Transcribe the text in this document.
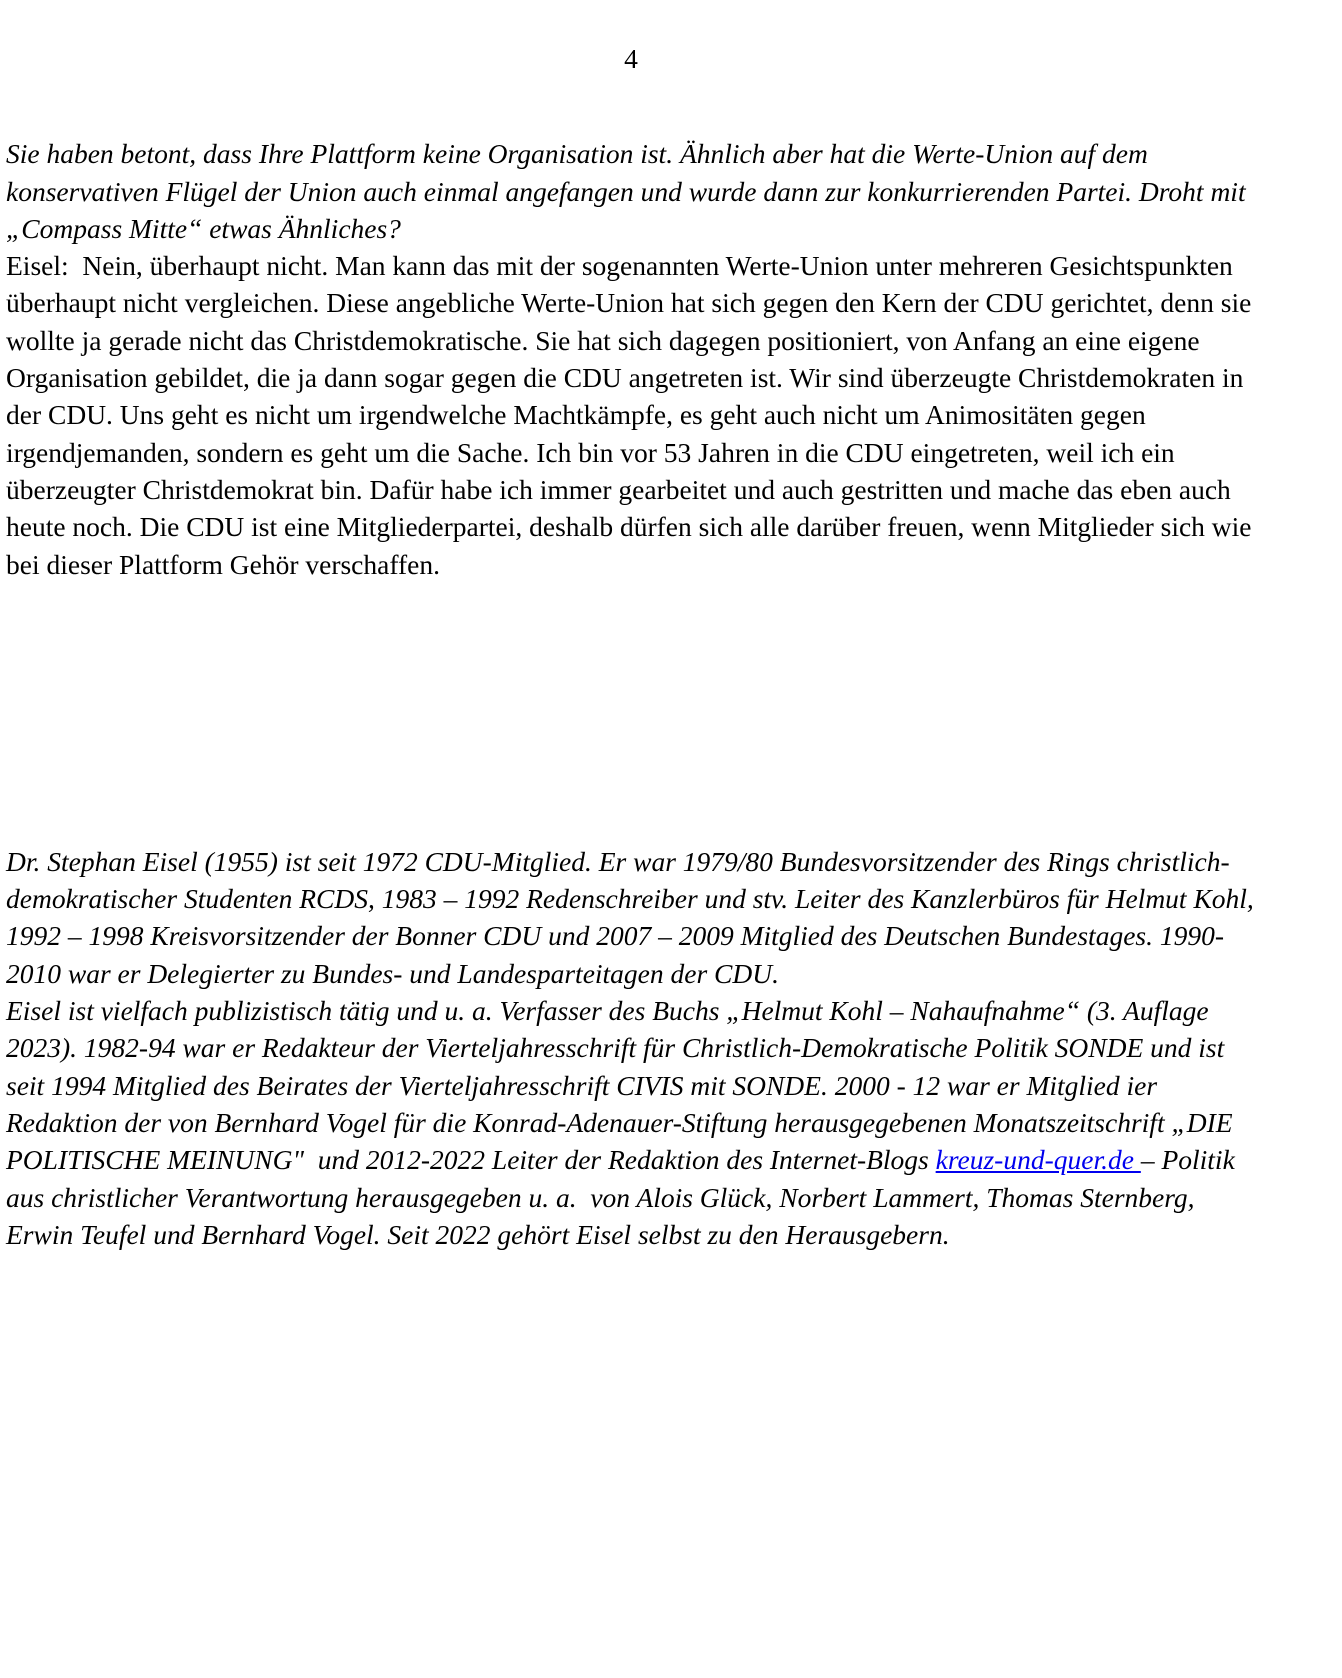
4

Sie haben betont, dass Ihre Plattform keine Organisation ist. Ähnlich aber hat die Werte-Union auf dem konservativen Flügel der Union auch einmal angefangen und wurde dann zur konkurrierenden Partei. Droht mit „Compass Mitte“ etwas Ähnliches?

Eisel:  Nein, überhaupt nicht. Man kann das mit der sogenannten Werte-Union unter mehreren Gesichtspunkten überhaupt nicht vergleichen. Diese angebliche Werte-Union hat sich gegen den Kern der CDU gerichtet, denn sie wollte ja gerade nicht das Christdemokratische. Sie hat sich dagegen positioniert, von Anfang an eine eigene Organisation gebildet, die ja dann sogar gegen die CDU angetreten ist. Wir sind überzeugte Christdemokraten in der CDU. Uns geht es nicht um irgendwelche Machtkämpfe, es geht auch nicht um Animositäten gegen irgendjemanden, sondern es geht um die Sache. Ich bin vor 53 Jahren in die CDU eingetreten, weil ich ein überzeugter Christdemokrat bin. Dafür habe ich immer gearbeitet und auch gestritten und mache das eben auch heute noch. Die CDU ist eine Mitgliederpartei, deshalb dürfen sich alle darüber freuen, wenn Mitglieder sich wie bei dieser Plattform Gehör verschaffen.

Dr. Stephan Eisel (1955) ist seit 1972 CDU-Mitglied. Er war 1979/80 Bundesvorsitzender des Rings christlich-demokratischer Studenten RCDS, 1983 – 1992 Redenschreiber und stv. Leiter des Kanzlerbüros für Helmut Kohl, 1992 – 1998 Kreisvorsitzender der Bonner CDU und 2007 – 2009 Mitglied des Deutschen Bundestages. 1990-2010 war er Delegierter zu Bundes- und Landesparteitagen der CDU.

Eisel ist vielfach publizistisch tätig und u. a. Verfasser des Buchs „Helmut Kohl – Nahaufnahme“ (3. Auflage 2023). 1982-94 war er Redakteur der Vierteljahresschrift für Christlich-Demokratische Politik SONDE und ist seit 1994 Mitglied des Beirates der Vierteljahresschrift CIVIS mit SONDE. 2000 - 12 war er Mitglied ier Redaktion der von Bernhard Vogel für die Konrad-Adenauer-Stiftung herausgegebenen Monatszeitschrift „DIE POLITISCHE MEINUNG"  und 2012-2022 Leiter der Redaktion des Internet-Blogs kreuz-und-quer.de – Politik aus christlicher Verantwortung herausgegeben u. a.  von Alois Glück, Norbert Lammert, Thomas Sternberg, Erwin Teufel und Bernhard Vogel. Seit 2022 gehört Eisel selbst zu den Herausgebern.
